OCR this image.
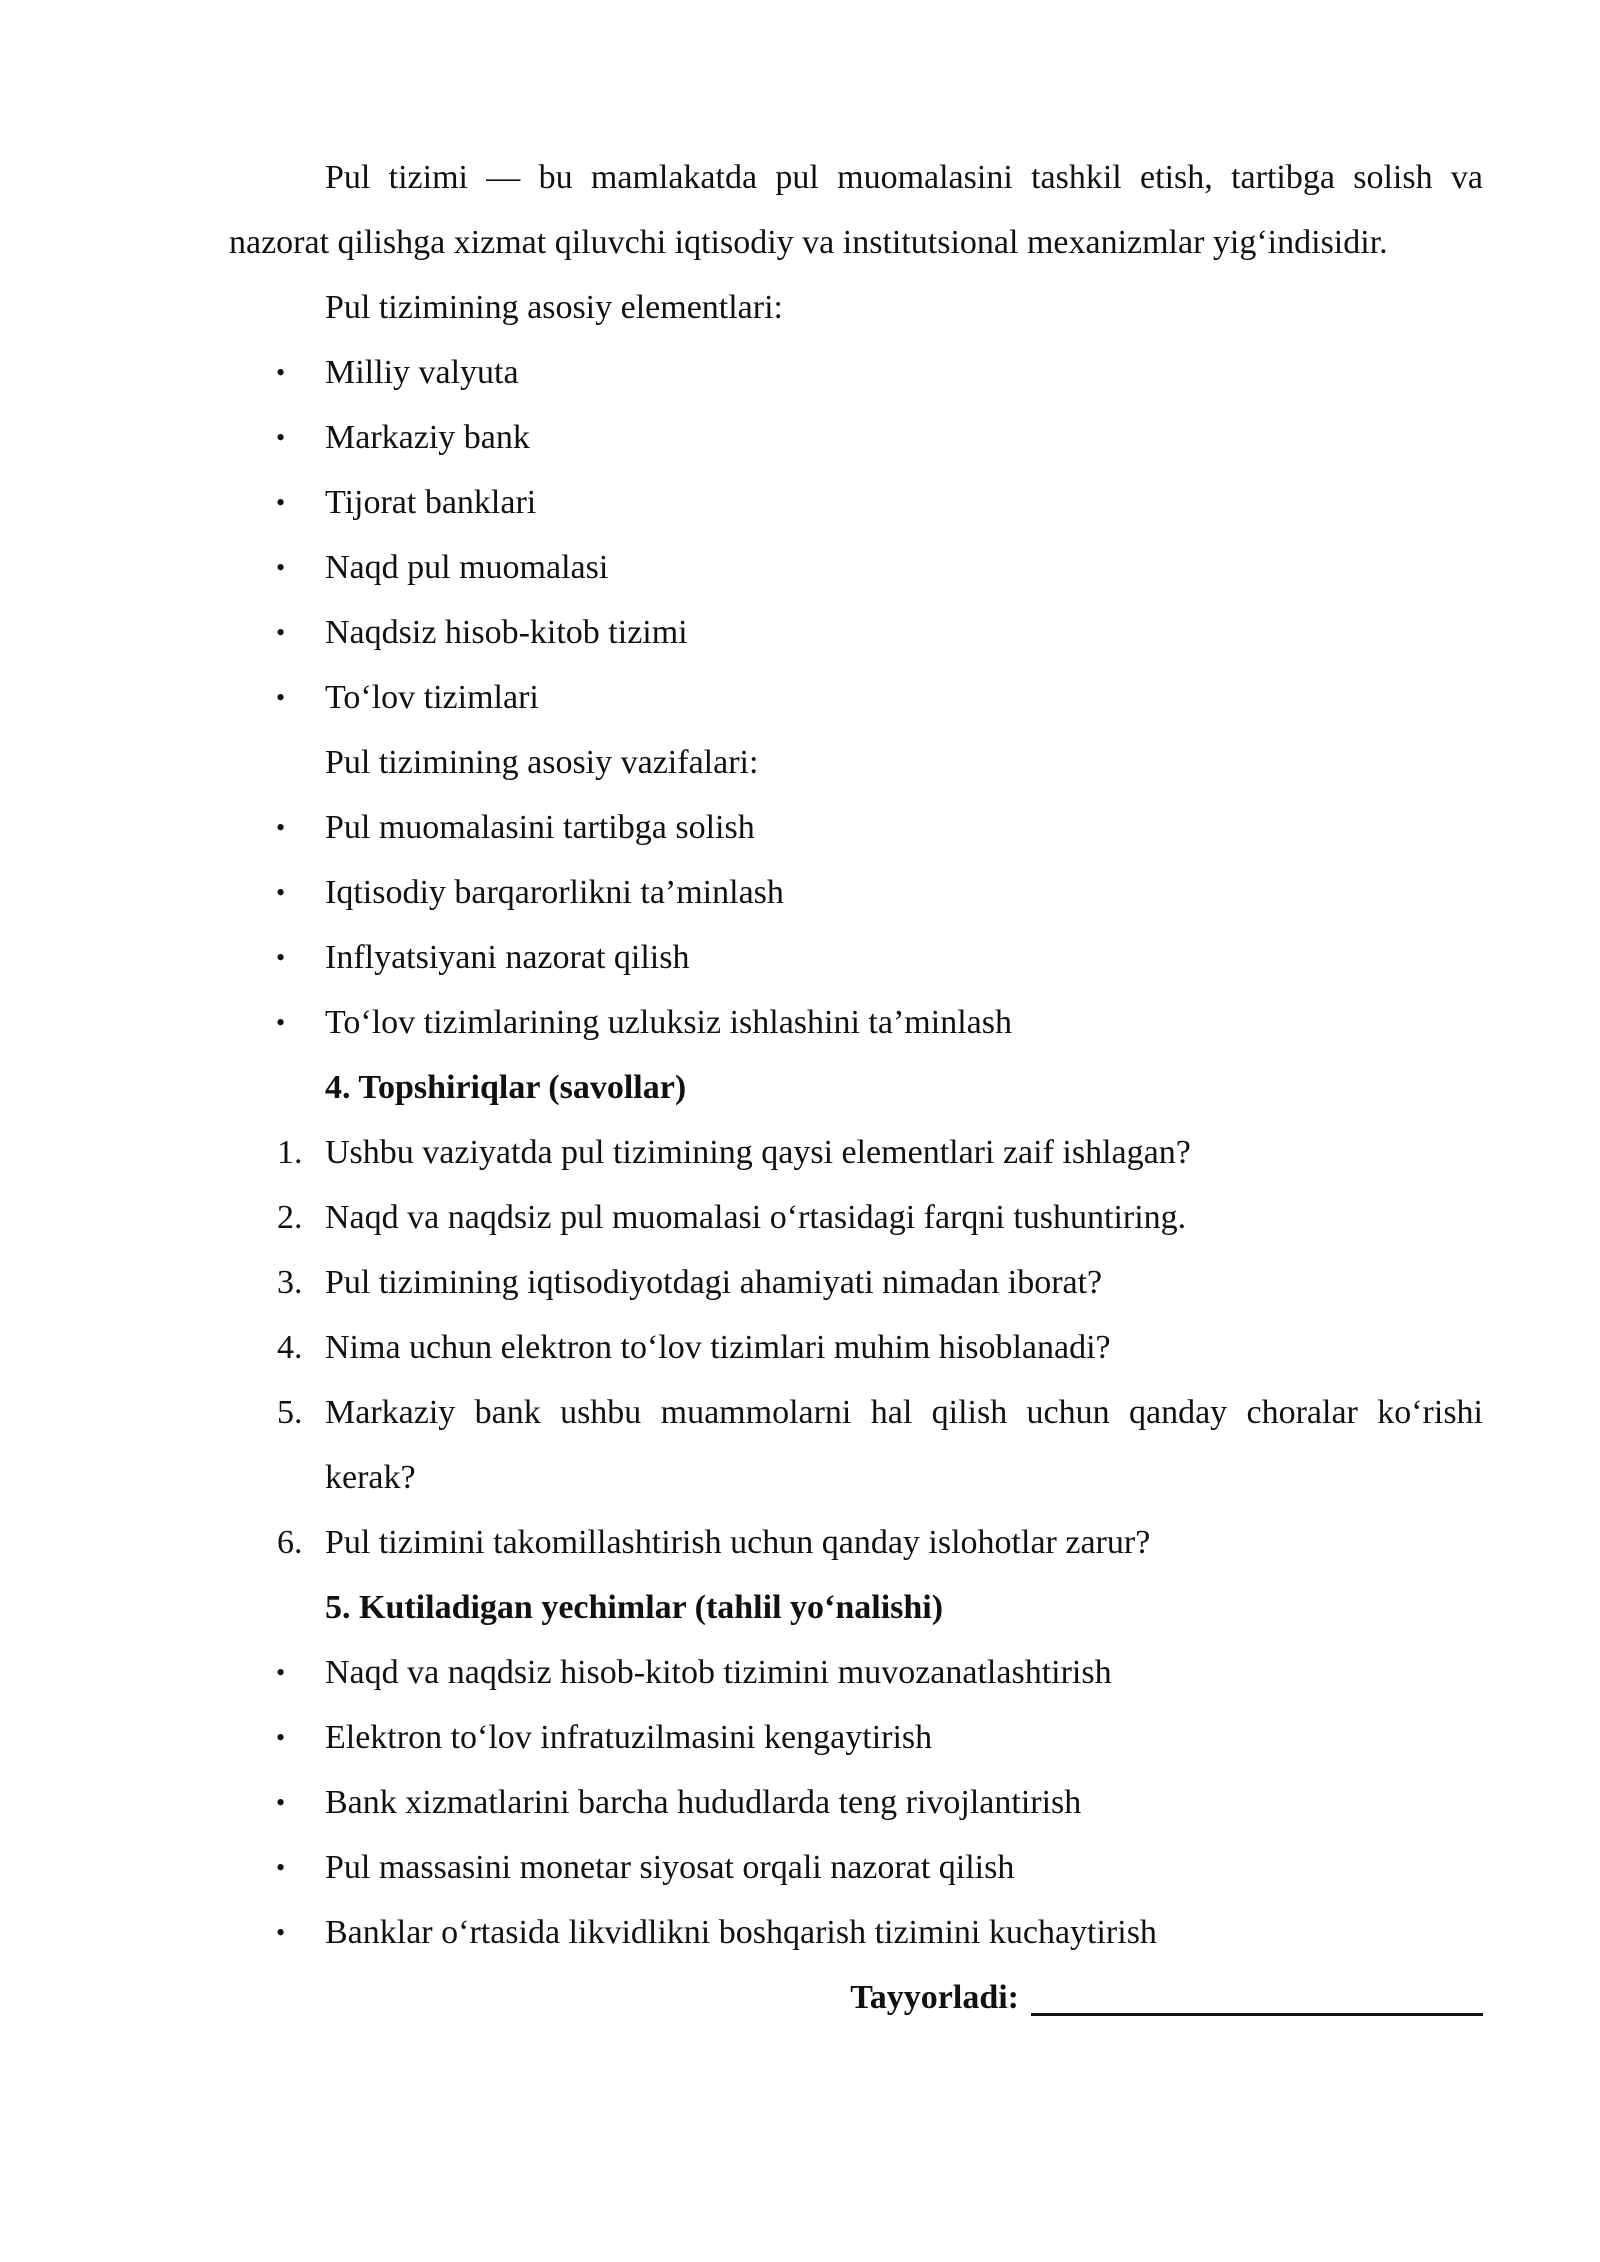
Pul tizimi — bu mamlakatda pul muomalasini tashkil etish, tartibga solish va nazorat qilishga xizmat qiluvchi iqtisodiy va institutsional mexanizmlar yig‘indisidir.

Pul tizimining asosiy elementlari:
• Milliy valyuta
• Markaziy bank
• Tijorat banklari
• Naqd pul muomalasi
• Naqdsiz hisob-kitob tizimi
• To‘lov tizimlari
Pul tizimining asosiy vazifalari:
• Pul muomalasini tartibga solish
• Iqtisodiy barqarorlikni ta’minlash
• Inflyatsiyani nazorat qilish
• To‘lov tizimlarining uzluksiz ishlashini ta’minlash
4. Topshiriqlar (savollar)
1. Ushbu vaziyatda pul tizimining qaysi elementlari zaif ishlagan?
2. Naqd va naqdsiz pul muomalasi o‘rtasidagi farqni tushuntiring.
3. Pul tizimining iqtisodiyotdagi ahamiyati nimadan iborat?
4. Nima uchun elektron to‘lov tizimlari muhim hisoblanadi?
5. Markaziy bank ushbu muammolarni hal qilish uchun qanday choralar ko‘rishi kerak?
6. Pul tizimini takomillashtirish uchun qanday islohotlar zarur?
5. Kutiladigan yechimlar (tahlil yo‘nalishi)
• Naqd va naqdsiz hisob-kitob tizimini muvozanatlashtirish
• Elektron to‘lov infratuzilmasini kengaytirish
• Bank xizmatlarini barcha hududlarda teng rivojlantirish
• Pul massasini monetar siyosat orqali nazorat qilish
• Banklar o‘rtasida likvidlikni boshqarish tizimini kuchaytirish
Tayyorladi:
